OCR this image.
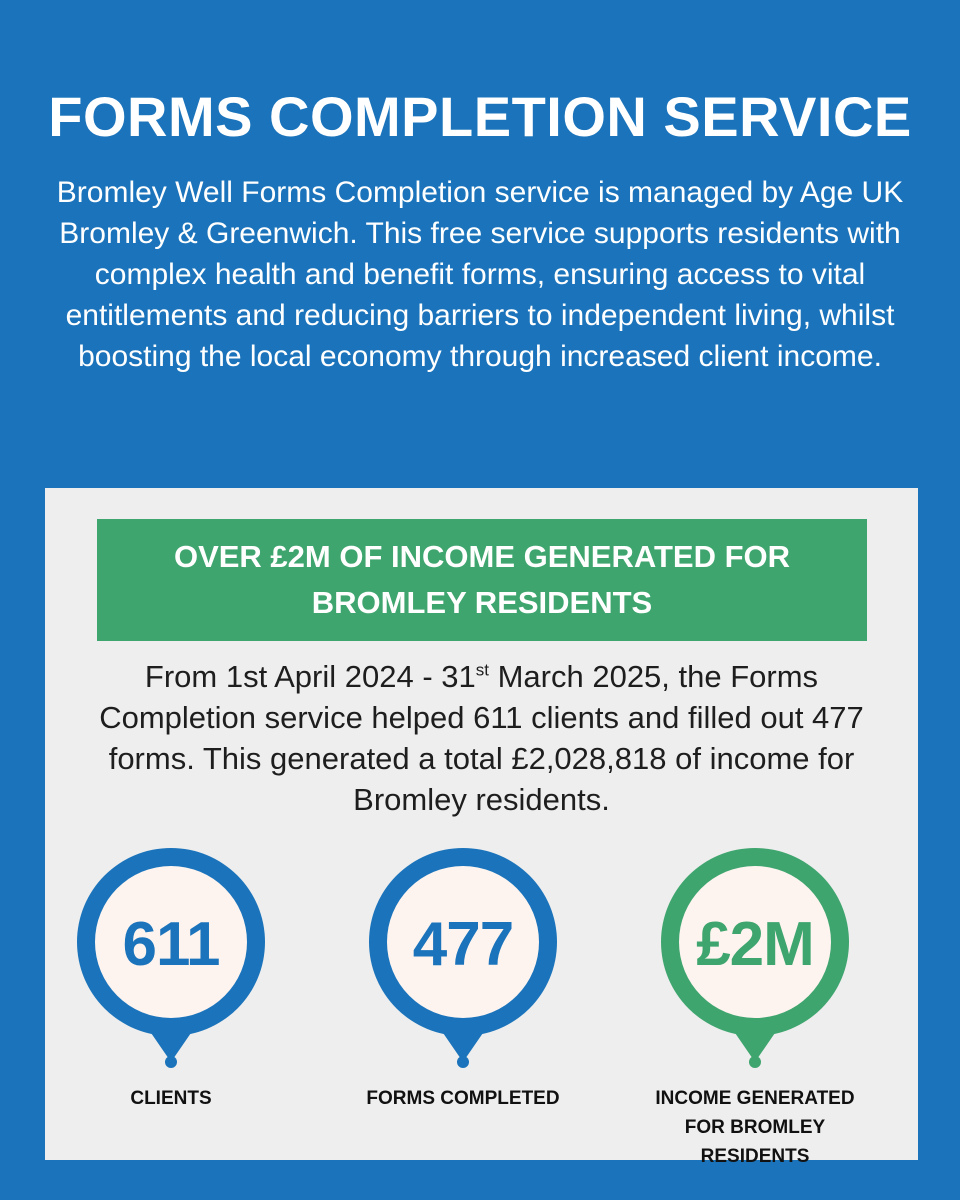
FORMS COMPLETION SERVICE

Bromley Well Forms Completion service is managed by Age UK Bromley & Greenwich. This free service supports residents with complex health and benefit forms, ensuring access to vital entitlements and reducing barriers to independent living, whilst boosting the local economy through increased client income.

OVER £2M OF INCOME GENERATED FOR BROMLEY RESIDENTS
From 1st April 2024 - 31st March 2025, the Forms Completion service helped 611 clients and filled out 477 forms. This generated a total £2,028,818 of income for Bromley residents.
611
CLIENTS
477
FORMS COMPLETED
£2M
INCOME GENERATED FOR BROMLEY RESIDENTS
